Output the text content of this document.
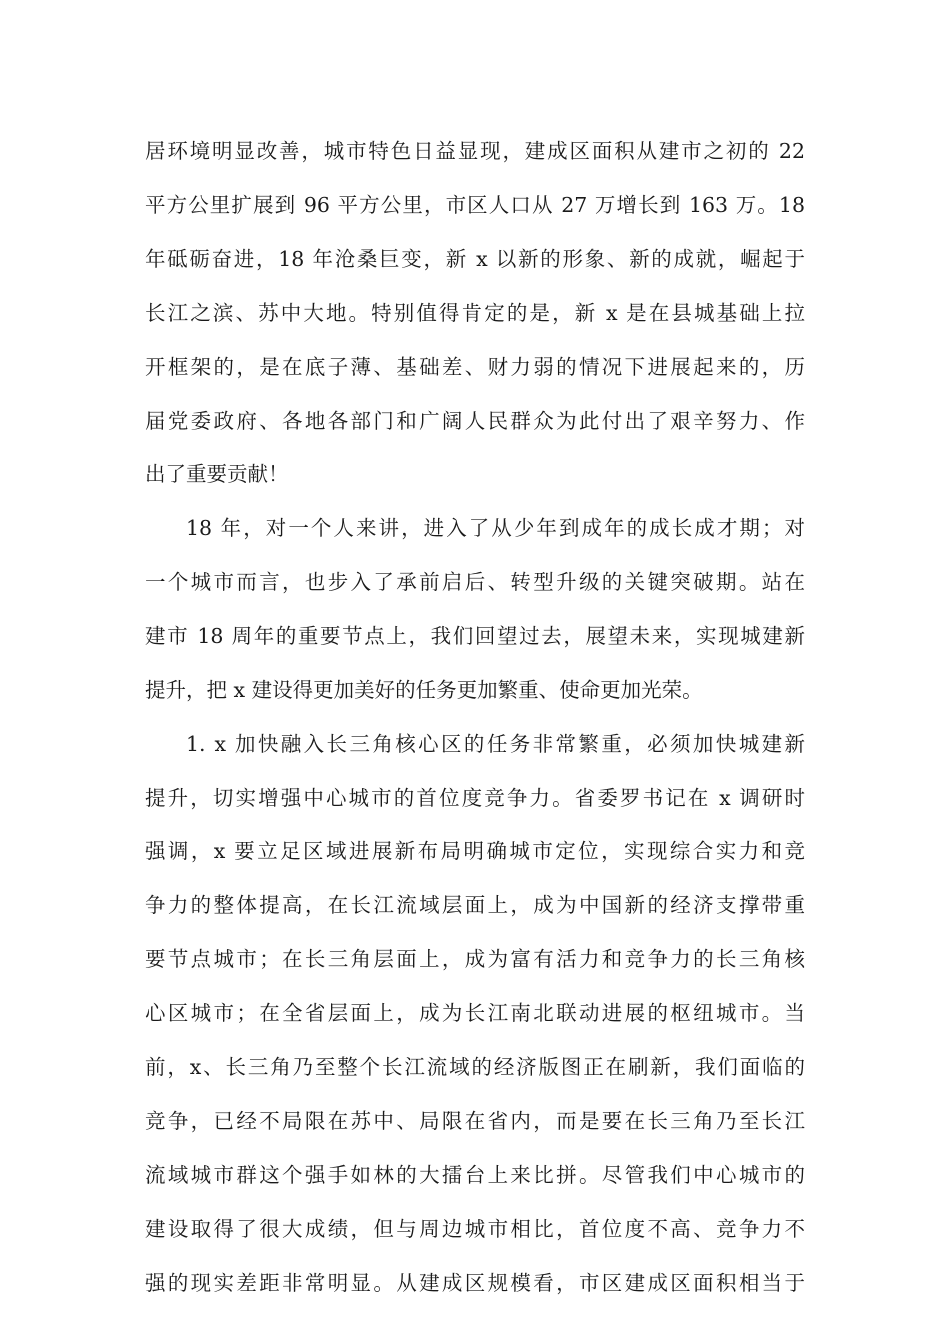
居环境明显改善，城市特色日益显现，建成区面积从建市之初的 22
平方公里扩展到 96 平方公里，市区人口从 27 万增长到 163 万。18
年砥砺奋进，18 年沧桑巨变，新 x 以新的形象、新的成就，崛起于
长江之滨、苏中大地。特别值得肯定的是，新 x 是在县城基础上拉
开框架的，是在底子薄、基础差、财力弱的情况下进展起来的，历
届党委政府、各地各部门和广阔人民群众为此付出了艰辛努力、作
出了重要贡献！
18 年，对一个人来讲，进入了从少年到成年的成长成才期；对
一个城市而言，也步入了承前启后、转型升级的关键突破期。站在
建市 18 周年的重要节点上，我们回望过去，展望未来，实现城建新
提升，把 x 建设得更加美好的任务更加繁重、使命更加光荣。
1. x 加快融入长三角核心区的任务非常繁重，必须加快城建新
提升，切实增强中心城市的首位度竞争力。省委罗书记在 x 调研时
强调，x 要立足区域进展新布局明确城市定位，实现综合实力和竞
争力的整体提高，在长江流域层面上，成为中国新的经济支撑带重
要节点城市；在长三角层面上，成为富有活力和竞争力的长三角核
心区城市；在全省层面上，成为长江南北联动进展的枢纽城市。当
前，x、长三角乃至整个长江流域的经济版图正在刷新，我们面临的
竞争，已经不局限在苏中、局限在省内，而是要在长三角乃至长江
流域城市群这个强手如林的大擂台上来比拼。尽管我们中心城市的
建设取得了很大成绩，但与周边城市相比，首位度不高、竞争力不
强的现实差距非常明显。从建成区规模看，市区建成区面积相当于
